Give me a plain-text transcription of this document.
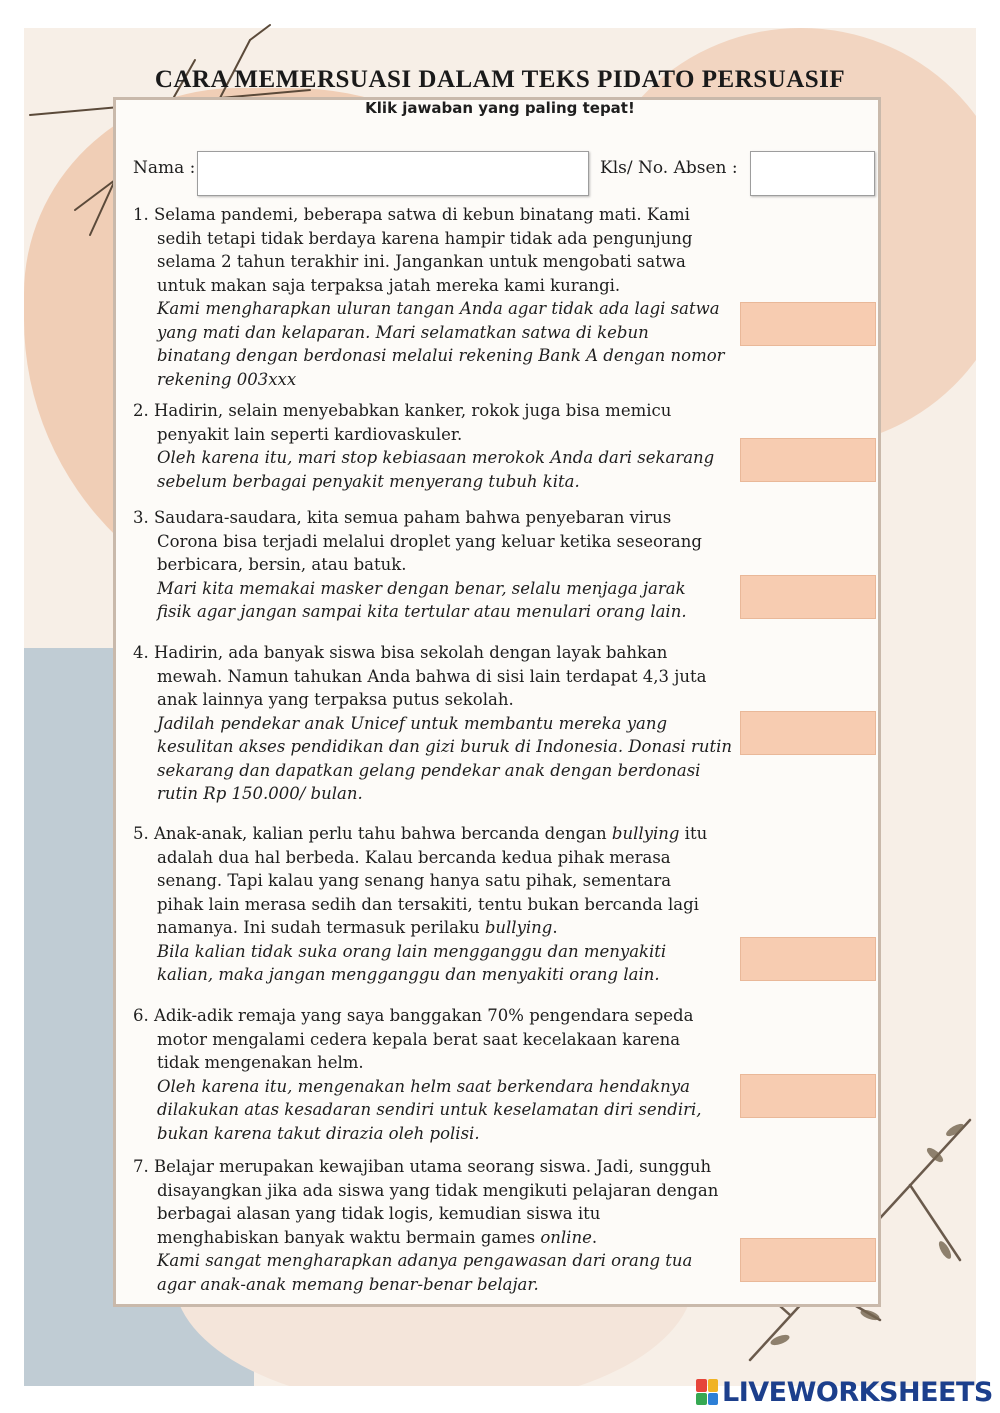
CARA MEMERSUASI DALAM TEKS PIDATO PERSUASIF
Klik jawaban yang paling tepat!
Nama :	Kls/ No. Absen :
1. Selama pandemi, beberapa satwa di kebun binatang mati. Kami
sedih tetapi tidak berdaya karena hampir tidak ada pengunjung
selama 2 tahun terakhir ini. Jangankan untuk mengobati satwa
untuk makan saja terpaksa jatah mereka kami kurangi.
Kami mengharapkan uluran tangan Anda agar tidak ada lagi satwa
yang mati dan kelaparan. Mari selamatkan satwa di kebun
binatang dengan berdonasi melalui rekening Bank A dengan nomor
rekening 003xxx
2. Hadirin, selain menyebabkan kanker, rokok juga bisa memicu
penyakit lain seperti kardiovaskuler.
Oleh karena itu, mari stop kebiasaan merokok Anda dari sekarang
sebelum berbagai penyakit menyerang tubuh kita.
3. Saudara-saudara, kita semua paham bahwa penyebaran virus
Corona bisa terjadi melalui droplet yang keluar ketika seseorang
berbicara, bersin, atau batuk.
Mari kita memakai masker dengan benar, selalu menjaga jarak
fisik agar jangan sampai kita tertular atau menulari orang lain.
4. Hadirin, ada banyak siswa bisa sekolah dengan layak bahkan
mewah. Namun tahukan Anda bahwa di sisi lain terdapat 4,3 juta
anak lainnya yang terpaksa putus sekolah.
Jadilah pendekar anak Unicef untuk membantu mereka yang
kesulitan akses pendidikan dan gizi buruk di Indonesia. Donasi rutin
sekarang dan dapatkan gelang pendekar anak dengan berdonasi
rutin Rp 150.000/ bulan.
5. Anak-anak, kalian perlu tahu bahwa bercanda dengan bullying itu
adalah dua hal berbeda. Kalau bercanda kedua pihak merasa
senang. Tapi kalau yang senang hanya satu pihak, sementara
pihak lain merasa sedih dan tersakiti, tentu bukan bercanda lagi
namanya. Ini sudah termasuk perilaku bullying.
Bila kalian tidak suka orang lain mengganggu dan menyakiti
kalian, maka jangan mengganggu dan menyakiti orang lain.
6. Adik-adik remaja yang saya banggakan 70% pengendara sepeda
motor mengalami cedera kepala berat saat kecelakaan karena
tidak mengenakan helm.
Oleh karena itu, mengenakan helm saat berkendara hendaknya
dilakukan atas kesadaran sendiri untuk keselamatan diri sendiri,
bukan karena takut dirazia oleh polisi.
7. Belajar merupakan kewajiban utama seorang siswa. Jadi, sungguh
disayangkan jika ada siswa yang tidak mengikuti pelajaran dengan
berbagai alasan yang tidak logis, kemudian siswa itu
menghabiskan banyak waktu bermain games online.
Kami sangat mengharapkan adanya pengawasan dari orang tua
agar anak-anak memang benar-benar belajar.
LIVEWORKSHEETS
